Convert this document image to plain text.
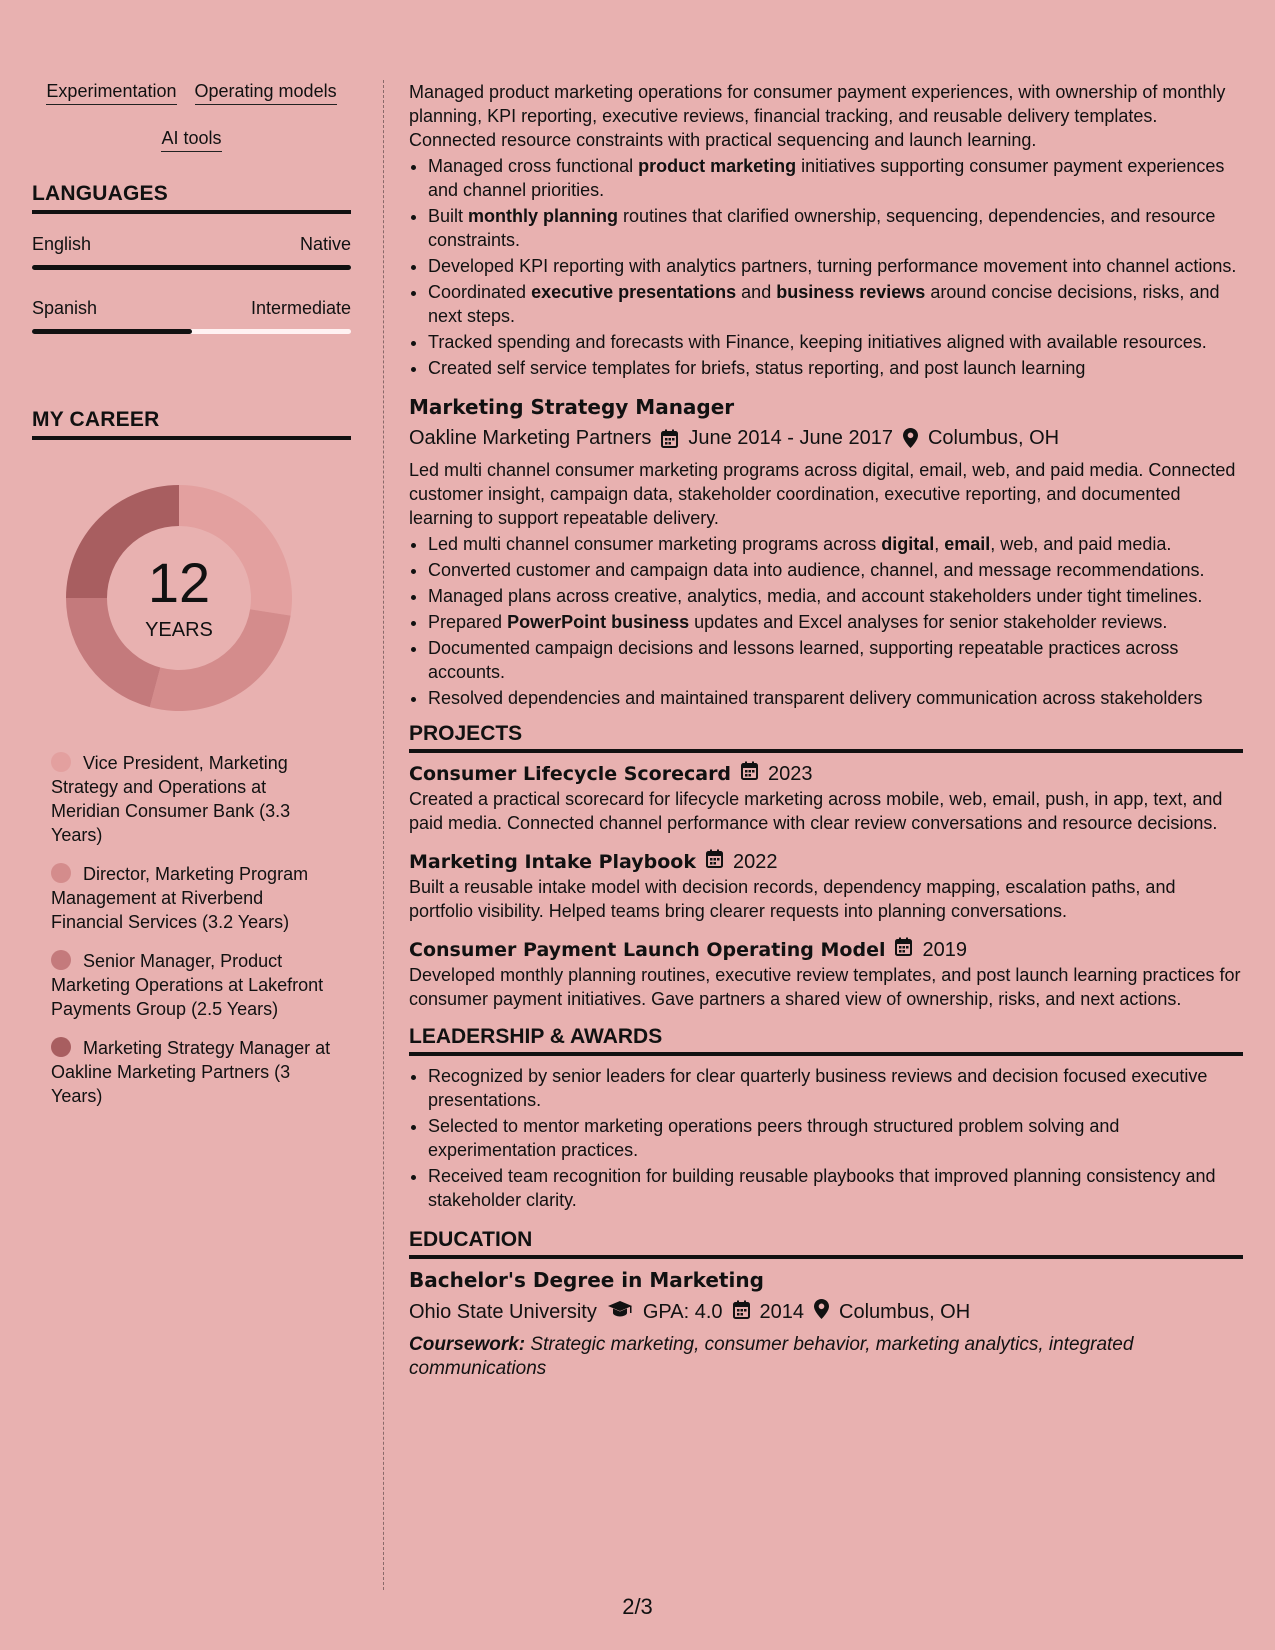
Experimentation Operating models
AI tools
LANGUAGES
English	Native
Spanish	Intermediate
MY CAREER
12
YEARS
Vice President, Marketing Strategy and Operations at Meridian Consumer Bank (3.3 Years)
Director, Marketing Program Management at Riverbend Financial Services (3.2 Years)
Senior Manager, Product Marketing Operations at Lakefront Payments Group (2.5 Years)
Marketing Strategy Manager at Oakline Marketing Partners (3 Years)

Managed product marketing operations for consumer payment experiences, with ownership of monthly planning, KPI reporting, executive reviews, financial tracking, and reusable delivery templates. Connected resource constraints with practical sequencing and launch learning.

• Managed cross functional product marketing initiatives supporting consumer payment experiences and channel priorities.
• Built monthly planning routines that clarified ownership, sequencing, dependencies, and resource constraints.
• Developed KPI reporting with analytics partners, turning performance movement into channel actions.
• Coordinated executive presentations and business reviews around concise decisions, risks, and next steps.
• Tracked spending and forecasts with Finance, keeping initiatives aligned with available resources.
• Created self service templates for briefs, status reporting, and post launch learning
Marketing Strategy Manager
Oakline Marketing Partners June 2014 - June 2017 Columbus, OH

Led multi channel consumer marketing programs across digital, email, web, and paid media. Connected customer insight, campaign data, stakeholder coordination, executive reporting, and documented learning to support repeatable delivery.

• Led multi channel consumer marketing programs across digital, email, web, and paid media.
• Converted customer and campaign data into audience, channel, and message recommendations.
• Managed plans across creative, analytics, media, and account stakeholders under tight timelines.
• Prepared PowerPoint business updates and Excel analyses for senior stakeholder reviews.
• Documented campaign decisions and lessons learned, supporting repeatable practices across accounts.
• Resolved dependencies and maintained transparent delivery communication across stakeholders
PROJECTS
Consumer Lifecycle Scorecard 2023

Created a practical scorecard for lifecycle marketing across mobile, web, email, push, in app, text, and paid media. Connected channel performance with clear review conversations and resource decisions.

Marketing Intake Playbook 2022

Built a reusable intake model with decision records, dependency mapping, escalation paths, and portfolio visibility. Helped teams bring clearer requests into planning conversations.

Consumer Payment Launch Operating Model 2019

Developed monthly planning routines, executive review templates, and post launch learning practices for consumer payment initiatives. Gave partners a shared view of ownership, risks, and next actions.

LEADERSHIP & AWARDS
• Recognized by senior leaders for clear quarterly business reviews and decision focused executive presentations.
• Selected to mentor marketing operations peers through structured problem solving and experimentation practices.
• Received team recognition for building reusable playbooks that improved planning consistency and stakeholder clarity.
EDUCATION
Bachelor's Degree in Marketing
Ohio State University GPA: 4.0 2014 Columbus, OH
Coursework: Strategic marketing, consumer behavior, marketing analytics, integrated communications
2/3
